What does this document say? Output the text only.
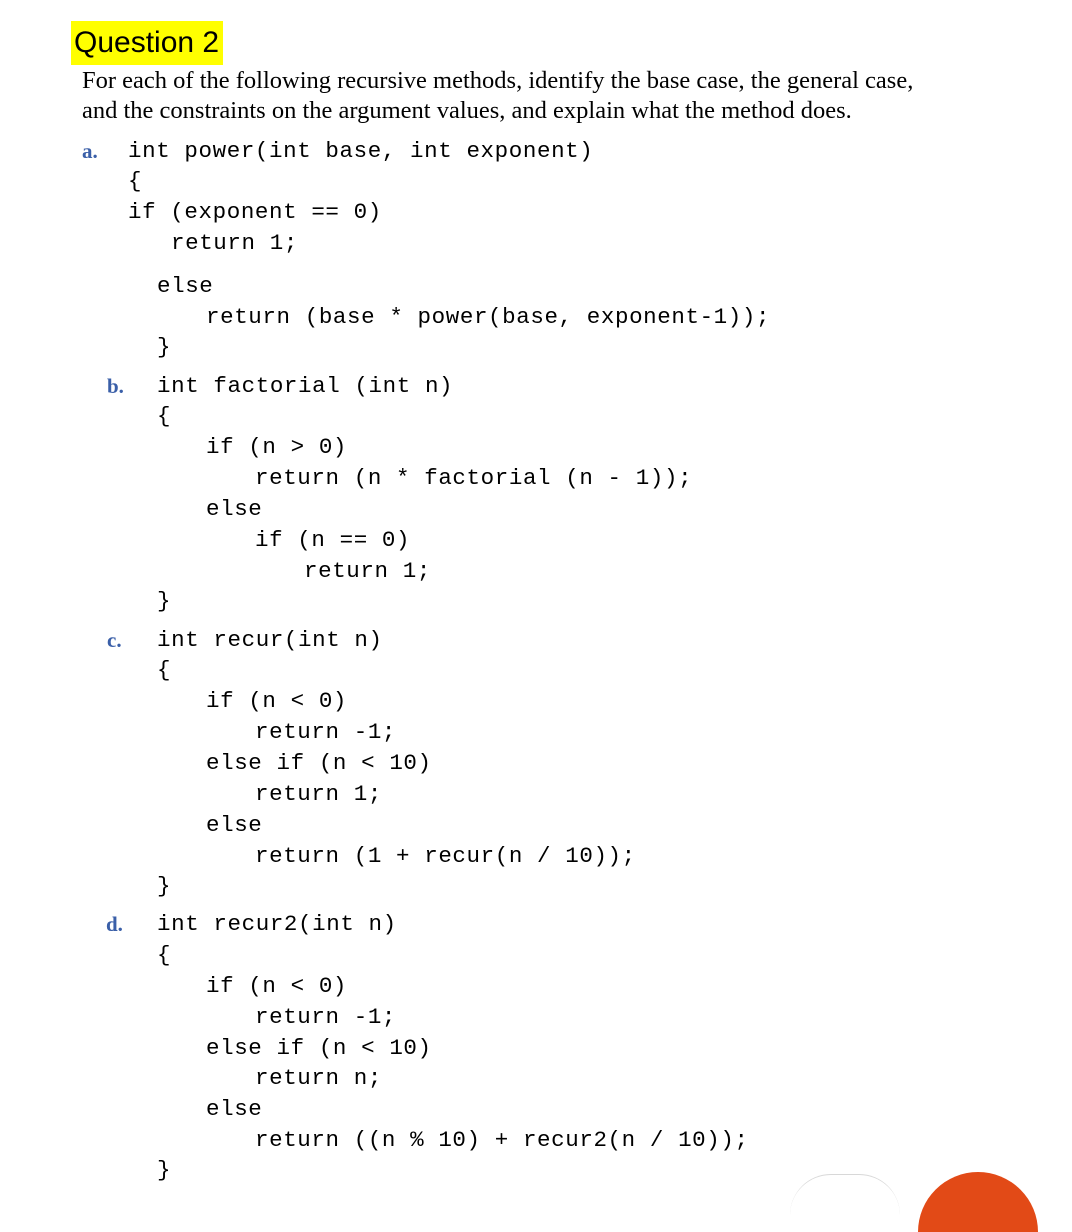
Question 2
For each of the following recursive methods, identify the base case, the general case,
and the constraints on the argument values, and explain what the method does.
a. int power(int base, int exponent)
{
if (exponent == 0)
return 1;
else
return (base * power(base, exponent-1));
}
b. int factorial (int n)
{
if (n > 0)
return (n * factorial (n - 1));
else
if (n == 0)
return 1;
}
c. int recur(int n)
{
if (n < 0)
return -1;
else if (n < 10)
return 1;
else
return (1 + recur(n / 10));
}
d. int recur2(int n)
{
if (n < 0)
return -1;
else if (n < 10)
return n;
else
return ((n % 10) + recur2(n / 10));
}
